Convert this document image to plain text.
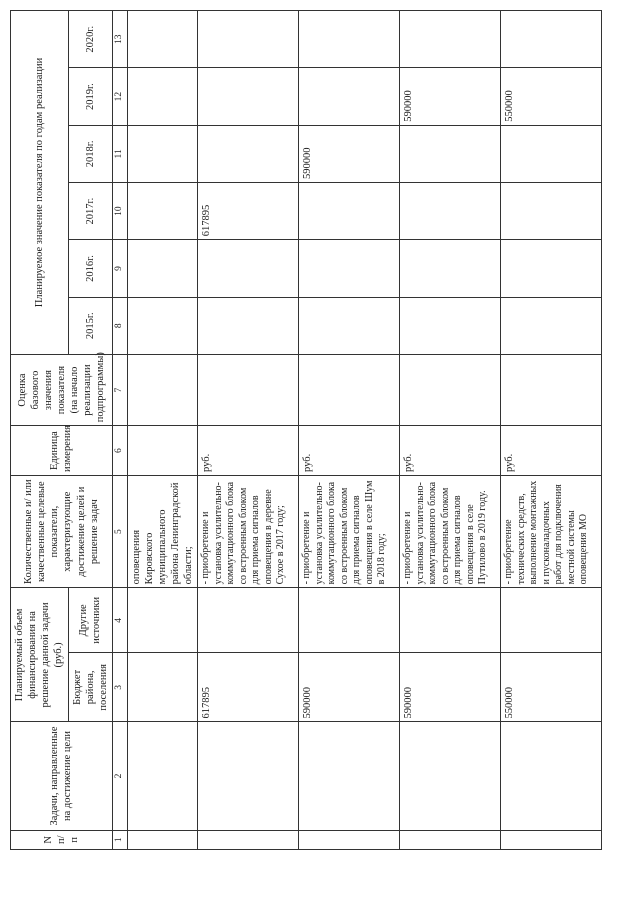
N п/п	Задачи, направленные на достижение цели	Планируемый объем финансирования на решение данной задачи (руб.)		Количественные и/ или качественные целевые показатели, характеризующие достижение целей и решение задач	Единица измерения	Оценка базового значения показателя (на начало реализации подпрограммы)	Планируемое значение показателя по годам реализации					
		Бюджет района, поселения	Другие источники				2015г.	2016г.	2017г.	2018г.	2019г.	2020г.
1	2	3	4	5	6	7	8	9	10	11	12	13
				оповещения Кировского муниципального района Ленинградской области;								
		617895		- приобретение и установка усилительно-коммутационного блока со встроенным блоком для приема сигналов оповещения в деревне Сухое в 2017 году;	руб.				617895			
		590000		- приобретение и установка усилительно-коммутационного блока со встроенным блоком для приема сигналов оповещения в селе Шум в 2018 году;	руб.					590000		
		590000		- приобретение и установка усилительно-коммутационного блока со встроенным блоком для приема сигналов оповещения в селе Путилово в 2019 году.	руб.						590000	
		550000		- приобретение технических средств, выполнение монтажных и пусконаладочных работ для подключения местной системы оповещения МО	руб.						550000	
